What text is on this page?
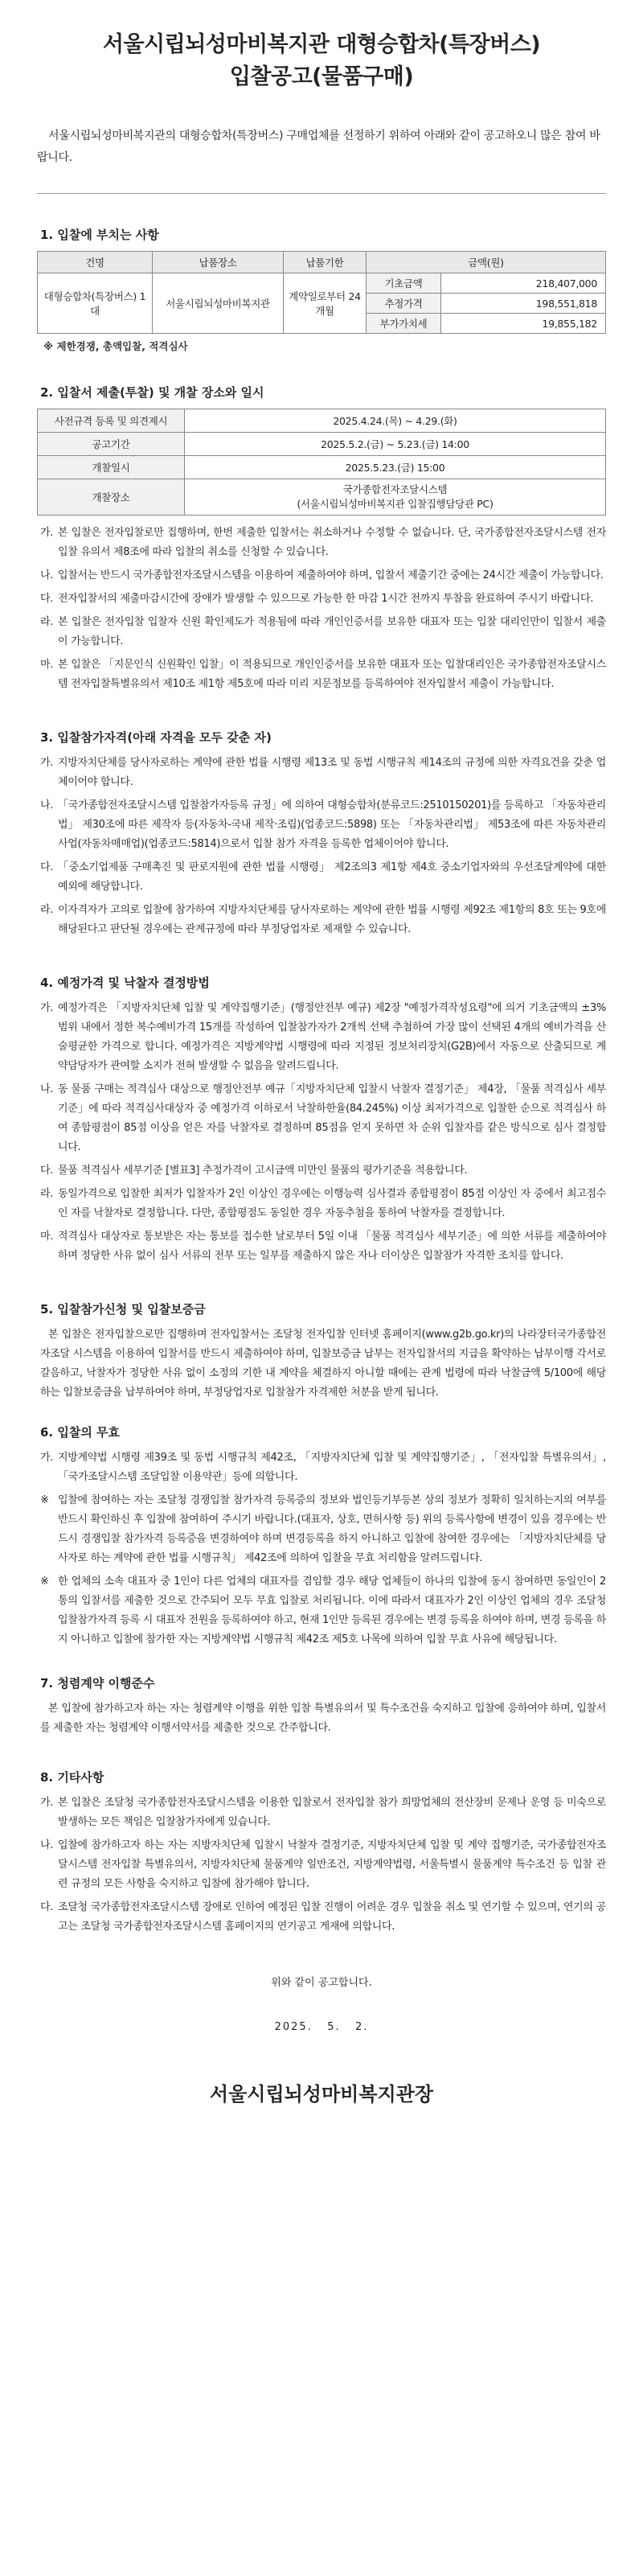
서울시립뇌성마비복지관 대형승합차(특장버스)
입찰공고(물품구매)

서울시립뇌성마비복지관의 대형승합차(특장버스) 구매업체를 선정하기 위하여 아래와 같이 공고하오니 많은 참여 바랍니다.

1. 입찰에 부치는 사항
건명	납품장소	납품기한	금액(원)	
대형승합차(특장버스) 1대	서울시립뇌성마비복지관	계약일로부터 24개월	기초금액	218,407,000
			추정가격	198,551,818
			부가가치세	19,855,182
※ 제한경쟁, 총액입찰, 적격심사
2. 입찰서 제출(투찰) 및 개찰 장소와 일시
사전규격 등록 및 의견제시	2025.4.24.(목) ~ 4.29.(화)
공고기간	2025.5.2.(금) ~ 5.23.(금) 14:00
개찰일시	2025.5.23.(금) 15:00
개찰장소	국가종합전자조달시스템
(서울시립뇌성마비복지관 입찰집행담당관 PC)
가. 본 입찰은 전자입찰로만 집행하며, 한번 제출한 입찰서는 취소하거나 수정할 수 없습니다. 단, 국가종합전자조달시스템 전자입찰 유의서 제8조에 따라 입찰의 취소를 신청할 수 있습니다.
나. 입찰서는 반드시 국가종합전자조달시스템을 이용하여 제출하여야 하며, 입찰서 제출기간 중에는 24시간 제출이 가능합니다.
다. 전자입찰서의 제출마감시간에 장애가 발생할 수 있으므로 가능한 한 마감 1시간 전까지 투찰을 완료하여 주시기 바랍니다.
라. 본 입찰은 전자입찰 입찰자 신원 확인제도가 적용됨에 따라 개인인증서를 보유한 대표자 또는 입찰 대리인만이 입찰서 제출이 가능합니다.
마. 본 입찰은 「지문인식 신원확인 입찰」이 적용되므로 개인인증서를 보유한 대표자 또는 입찰대리인은 국가종합전자조달시스템 전자입찰특별유의서 제10조 제1항 제5호에 따라 미리 지문정보를 등록하여야 전자입찰서 제출이 가능합니다.
3. 입찰참가자격(아래 자격을 모두 갖춘 자)
가. 지방자치단체를 당사자로하는 계약에 관한 법률 시행령 제13조 및 동법 시행규칙 제14조의 규정에 의한 자격요건을 갖춘 업체이어야 합니다.
나. 「국가종합전자조달시스템 입찰참가자등록 규정」에 의하여 대형승합차(분류코드:2510150201)를 등록하고 「자동차관리법」 제30조에 따른 제작자 등(자동차-국내 제작·조립)(업종코드:5898) 또는 「자동차관리법」 제53조에 따른 자동차관리사업(자동차매매업)(업종코드:5814)으로서 입찰 참가 자격을 등록한 업체이어야 합니다.
다. 「중소기업제품 구매촉진 및 판로지원에 관한 법률 시행령」 제2조의3 제1항 제4호 중소기업자와의 우선조달계약에 대한 예외에 해당합니다.
라. 이자격자가 고의로 입찰에 참가하여 지방자치단체를 당사자로하는 계약에 관한 법률 시행령 제92조 제1항의 8호 또는 9호에 해당된다고 판단될 경우에는 관계규정에 따라 부정당업자로 제재할 수 있습니다.
4. 예정가격 및 낙찰자 결정방법
가. 예정가격은 「지방자치단체 입찰 및 계약집행기준」(행정안전부 예규) 제2장 "예정가격작성요령"에 의거 기초금액의 ±3%범위 내에서 정한 복수예비가격 15개를 작성하여 입찰참가자가 2개씩 선택 추첨하여 가장 많이 선택된 4개의 예비가격을 산술평균한 가격으로 합니다. 예정가격은 지방계약법 시행령에 따라 지정된 정보처리장치(G2B)에서 자동으로 산출되므로 계약담당자가 관여할 소지가 전혀 발생할 수 없음을 알려드립니다.
나. 동 물품 구매는 적격심사 대상으로 행정안전부 예규「지방자치단체 입찰시 낙찰자 결정기준」 제4장, 「물품 적격심사 세부기준」에 따라 적격심사대상자 중 예정가격 이하로서 낙찰하한율(84.245%) 이상 최저가격으로 입찰한 순으로 적격심사 하여 종합평점이 85점 이상을 얻은 자를 낙찰자로 결정하며 85점을 얻지 못하면 차 순위 입찰자를 같은 방식으로 심사 결정합니다.
다. 물품 적격심사 세부기준 [별표3] 추정가격이 고시금액 미만인 물품의 평가기준을 적용합니다.
라. 동일가격으로 입찰한 최저가 입찰자가 2인 이상인 경우에는 이행능력 심사결과 종합평점이 85점 이상인 자 중에서 최고점수인 자를 낙찰자로 결정합니다. 다만, 종합평점도 동일한 경우 자동추첨을 통하여 낙찰자를 결정합니다.
마. 적격심사 대상자로 통보받은 자는 통보를 접수한 날로부터 5일 이내 「물품 적격심사 세부기준」에 의한 서류를 제출하여야 하며 정당한 사유 없이 심사 서류의 전부 또는 일부를 제출하지 않은 자나 더이상은 입찰참가 자격한 조치를 합니다.
5. 입찰참가신청 및 입찰보증금

본 입찰은 전자입찰으로만 집행하며 전자입찰서는 조달청 전자입찰 인터넷 홈페이지(www.g2b.go.kr)의 나라장터국가종합전자조달 시스템을 이용하여 입찰서를 반드시 제출하여야 하며, 입찰보증금 납부는 전자입찰서의 지급을 확약하는 납부이행 각서로 갈음하고, 낙찰자가 정당한 사유 없이 소정의 기한 내 계약을 체결하지 아니할 때에는 관계 법령에 따라 낙찰금액 5/100에 해당하는 입찰보증금을 납부하여야 하며, 부정당업자로 입찰참가 자격제한 처분을 받게 됩니다.

6. 입찰의 무효
가. 지방계약법 시행령 제39조 및 동법 시행규칙 제42조, 「지방자치단체 입찰 및 계약집행기준」, 「전자입찰 특별유의서」, 「국가조달시스템 조달입찰 이용약관」등에 의합니다.
※ 입찰에 참여하는 자는 조달청 경쟁입찰 참가자격 등록증의 정보와 법인등기부등본 상의 정보가 정확히 일치하는지의 여부를 반드시 확인하신 후 입찰에 참여하여 주시기 바랍니다.(대표자, 상호, 면허사항 등) 위의 등록사항에 변경이 있을 경우에는 반드시 경쟁입찰 참가자격 등록증을 변경하여야 하며 변경등록을 하지 아니하고 입찰에 참여한 경우에는 「지방자치단체를 당사자로 하는 계약에 관한 법률 시행규칙」 제42조에 의하여 입찰을 무효 처리함을 알려드립니다.
※ 한 업체의 소속 대표자 중 1인이 다른 업체의 대표자를 겸임할 경우 해당 업체들이 하나의 입찰에 동시 참여하면 동일인이 2통의 입찰서를 제출한 것으로 간주되어 모두 무효 입찰로 처리됩니다. 이에 따라서 대표자가 2인 이상인 업체의 경우 조달청 입찰참가자격 등록 시 대표자 전원을 등록하여야 하고, 현재 1인만 등록된 경우에는 변경 등록을 하여야 하며, 변경 등록을 하지 아니하고 입찰에 참가한 자는 지방계약법 시행규칙 제42조 제5호 나목에 의하여 입찰 무효 사유에 해당됩니다.
7. 청렴계약 이행준수

본 입찰에 참가하고자 하는 자는 청렴계약 이행을 위한 입찰 특별유의서 및 특수조건을 숙지하고 입찰에 응하여야 하며, 입찰서를 제출한 자는 청렴계약 이행서약서를 제출한 것으로 간주합니다.

8. 기타사항
가. 본 입찰은 조달청 국가종합전자조달시스템을 이용한 입찰로서 전자입찰 참가 희망업체의 전산장비 문제나 운영 등 미숙으로 발생하는 모든 책임은 입찰참가자에게 있습니다.
나. 입찰에 참가하고자 하는 자는 지방자치단체 입찰시 낙찰자 결정기준, 지방자치단체 입찰 및 계약 집행기준, 국가종합전자조달시스템 전자입찰 특별유의서, 지방자치단체 물품계약 일반조건, 지방계약법령, 서울특별시 물품계약 특수조건 등 입찰 관련 규정의 모든 사항을 숙지하고 입찰에 참가해야 합니다.
다. 조달청 국가종합전자조달시스템 장애로 인하여 예정된 입찰 진행이 어려운 경우 입찰을 취소 및 연기할 수 있으며, 연기의 공고는 조달청 국가종합전자조달시스템 홈페이지의 연기공고 게재에 의합니다.
위와 같이 공고합니다.
2025.   5.   2.
서울시립뇌성마비복지관장
